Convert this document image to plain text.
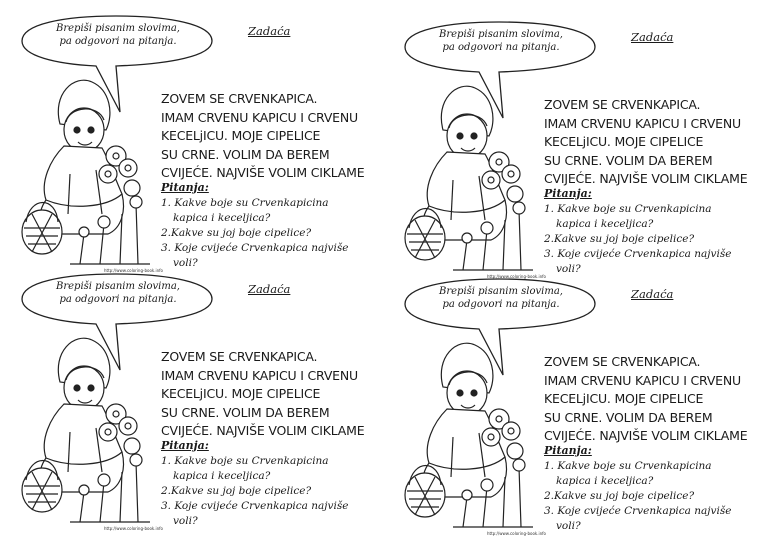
Brepiši pisanim slovima,
pa odgovori na pitanja.
Zadaća
http://www.coloring-book.info
ZOVEM SE CRVENKAPICA.
IMAM CRVENU KAPICU I CRVENU
KECELjICU. MOJE CIPELICE
SU CRNE. VOLIM DA BEREM
CVIJEĆE. NAJVIŠE VOLIM CIKLAME
Pitanja:
1. Kakve boje su Crvenkapicina
kapica i kecelјica?
2.Kakve su joj boje cipelice?
3. Koje cvijeće Crvenkapica najviše
voli?
Brepiši pisanim slovima,
pa odgovori na pitanja.
Zadaća
http://www.coloring-book.info
ZOVEM SE CRVENKAPICA.
IMAM CRVENU KAPICU I CRVENU
KECELjICU. MOJE CIPELICE
SU CRNE. VOLIM DA BEREM
CVIJEĆE. NAJVIŠE VOLIM CIKLAME
Pitanja:
1. Kakve boje su Crvenkapicina
kapica i kecelјica?
2.Kakve su joj boje cipelice?
3. Koje cvijeće Crvenkapica najviše
voli?
Brepiši pisanim slovima,
pa odgovori na pitanja.
Zadaća
http://www.coloring-book.info
ZOVEM SE CRVENKAPICA.
IMAM CRVENU KAPICU I CRVENU
KECELjICU. MOJE CIPELICE
SU CRNE. VOLIM DA BEREM
CVIJEĆE. NAJVIŠE VOLIM CIKLAME
Pitanja:
1. Kakve boje su Crvenkapicina
kapica i kecelјica?
2.Kakve su joj boje cipelice?
3. Koje cvijeće Crvenkapica najviše
voli?
Brepiši pisanim slovima,
pa odgovori na pitanja.
Zadaća
http://www.coloring-book.info
ZOVEM SE CRVENKAPICA.
IMAM CRVENU KAPICU I CRVENU
KECELjICU. MOJE CIPELICE
SU CRNE. VOLIM DA BEREM
CVIJEĆE. NAJVIŠE VOLIM CIKLAME
Pitanja:
1. Kakve boje su Crvenkapicina
kapica i kecelјica?
2.Kakve su joj boje cipelice?
3. Koje cvijeće Crvenkapica najviše
voli?
